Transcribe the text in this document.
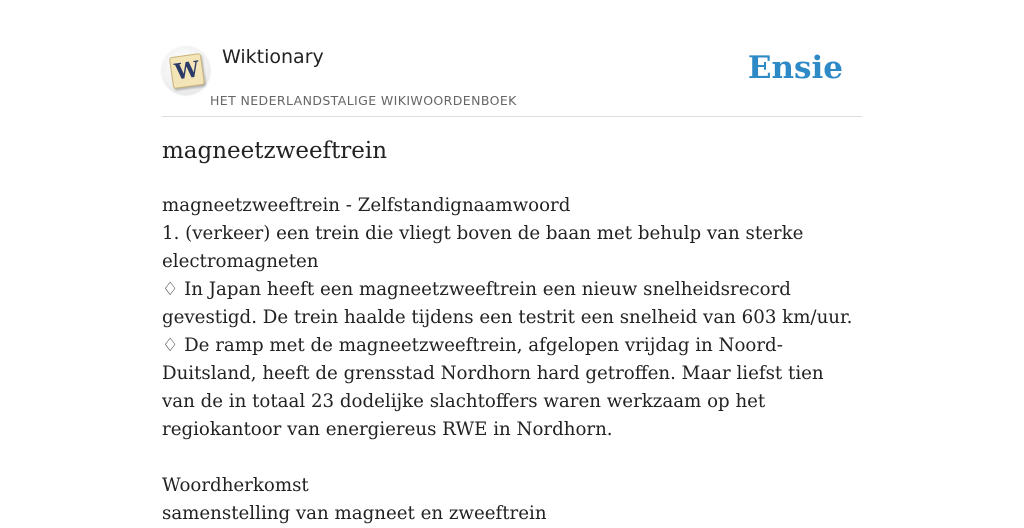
W Wiktionary
HET NEDERLANDSTALIGE WIKIWOORDENBOEK
Ensie
magneetzweeftrein

magneetzweeftrein - Zelfstandignaamwoord

1. (verkeer) een trein die vliegt boven de baan met behulp van sterke electromagneten

♢ In Japan heeft een magneetzweeftrein een nieuw snelheidsrecord gevestigd. De trein haalde tijdens een testrit een snelheid van 603 km/uur.

♢ De ramp met de magneetzweeftrein, afgelopen vrijdag in Noord-Duitsland, heeft de grensstad Nordhorn hard getroffen. Maar liefst tien van de in totaal 23 dodelijke slachtoffers waren werkzaam op het regiokantoor van energiereus RWE in Nordhorn.

Woordherkomst

samenstelling van magneet en zweeftrein
